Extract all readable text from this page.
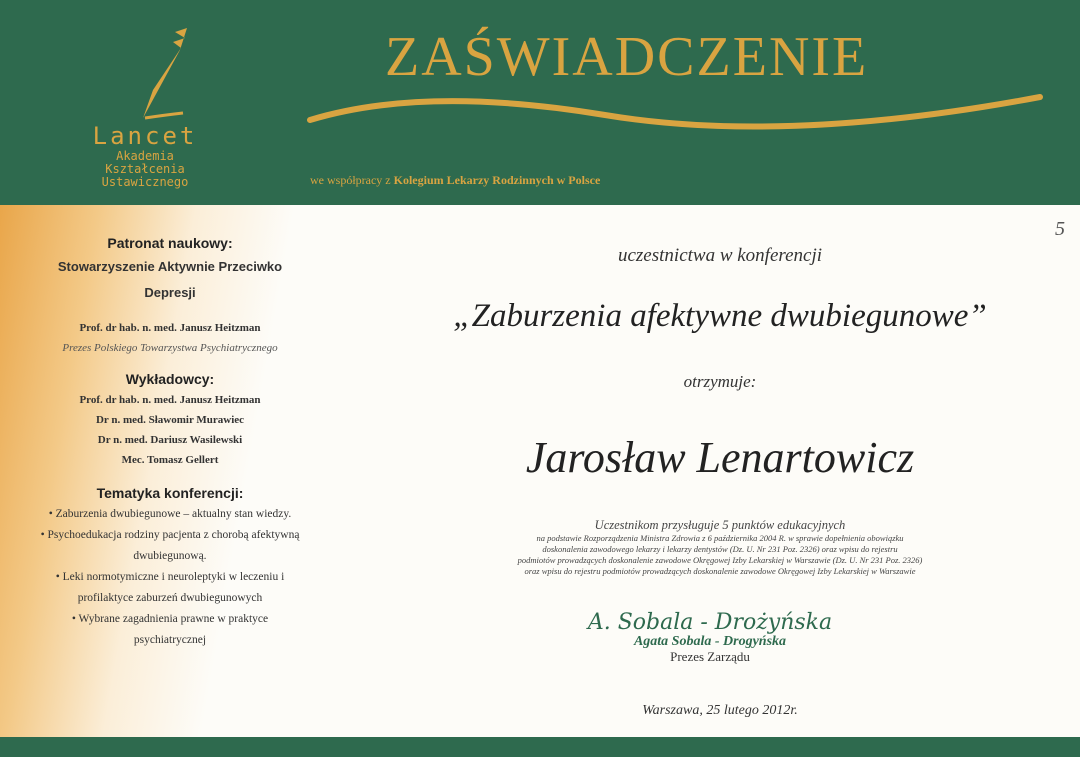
Lancet
Akademia
Kształcenia
Ustawicznego
ZAŚWIADCZENIE
we współpracy z Kolegium Lekarzy Rodzinnych w Polsce
Patronat naukowy:
Stowarzyszenie Aktywnie Przeciwko Depresji
Prof. dr hab. n. med. Janusz Heitzman
Prezes Polskiego Towarzystwa Psychiatrycznego
Wykładowcy:
Prof. dr hab. n. med. Janusz Heitzman
Dr n. med. Sławomir Murawiec
Dr n. med. Dariusz Wasilewski
Mec. Tomasz Gellert
Tematyka konferencji:
• Zaburzenia dwubiegunowe – aktualny stan wiedzy.
• Psychoedukacja rodziny pacjenta z chorobą afektywną dwubiegunową.
• Leki normotymiczne i neuroleptyki w leczeniu i profilaktyce zaburzeń dwubiegunowych
• Wybrane zagadnienia prawne w praktyce psychiatrycznej
uczestnictwa w konferencji
„Zaburzenia afektywne dwubiegunowe”
otrzymuje:
Jarosław Lenartowicz
Uczestnikom przysługuje 5 punktów edukacyjnych
na podstawie Rozporządzenia Ministra Zdrowia z 6 października 2004 R. w sprawie dopełnienia obowiązku
doskonalenia zawodowego lekarzy i lekarzy dentystów (Dz. U. Nr 231 Poz. 2326) oraz wpisu do rejestru
podmiotów prowadzących doskonalenie zawodowe Okręgowej Izby Lekarskiej w Warszawie (Dz. U. Nr 231 Poz. 2326)
oraz wpisu do rejestru podmiotów prowadzących doskonalenie zawodowe Okręgowej Izby Lekarskiej w Warszawie
A. Sobala - Drożyńska
Agata Sobala - Drogyńska
Prezes Zarządu
Warszawa, 25 lutego 2012r.
5
